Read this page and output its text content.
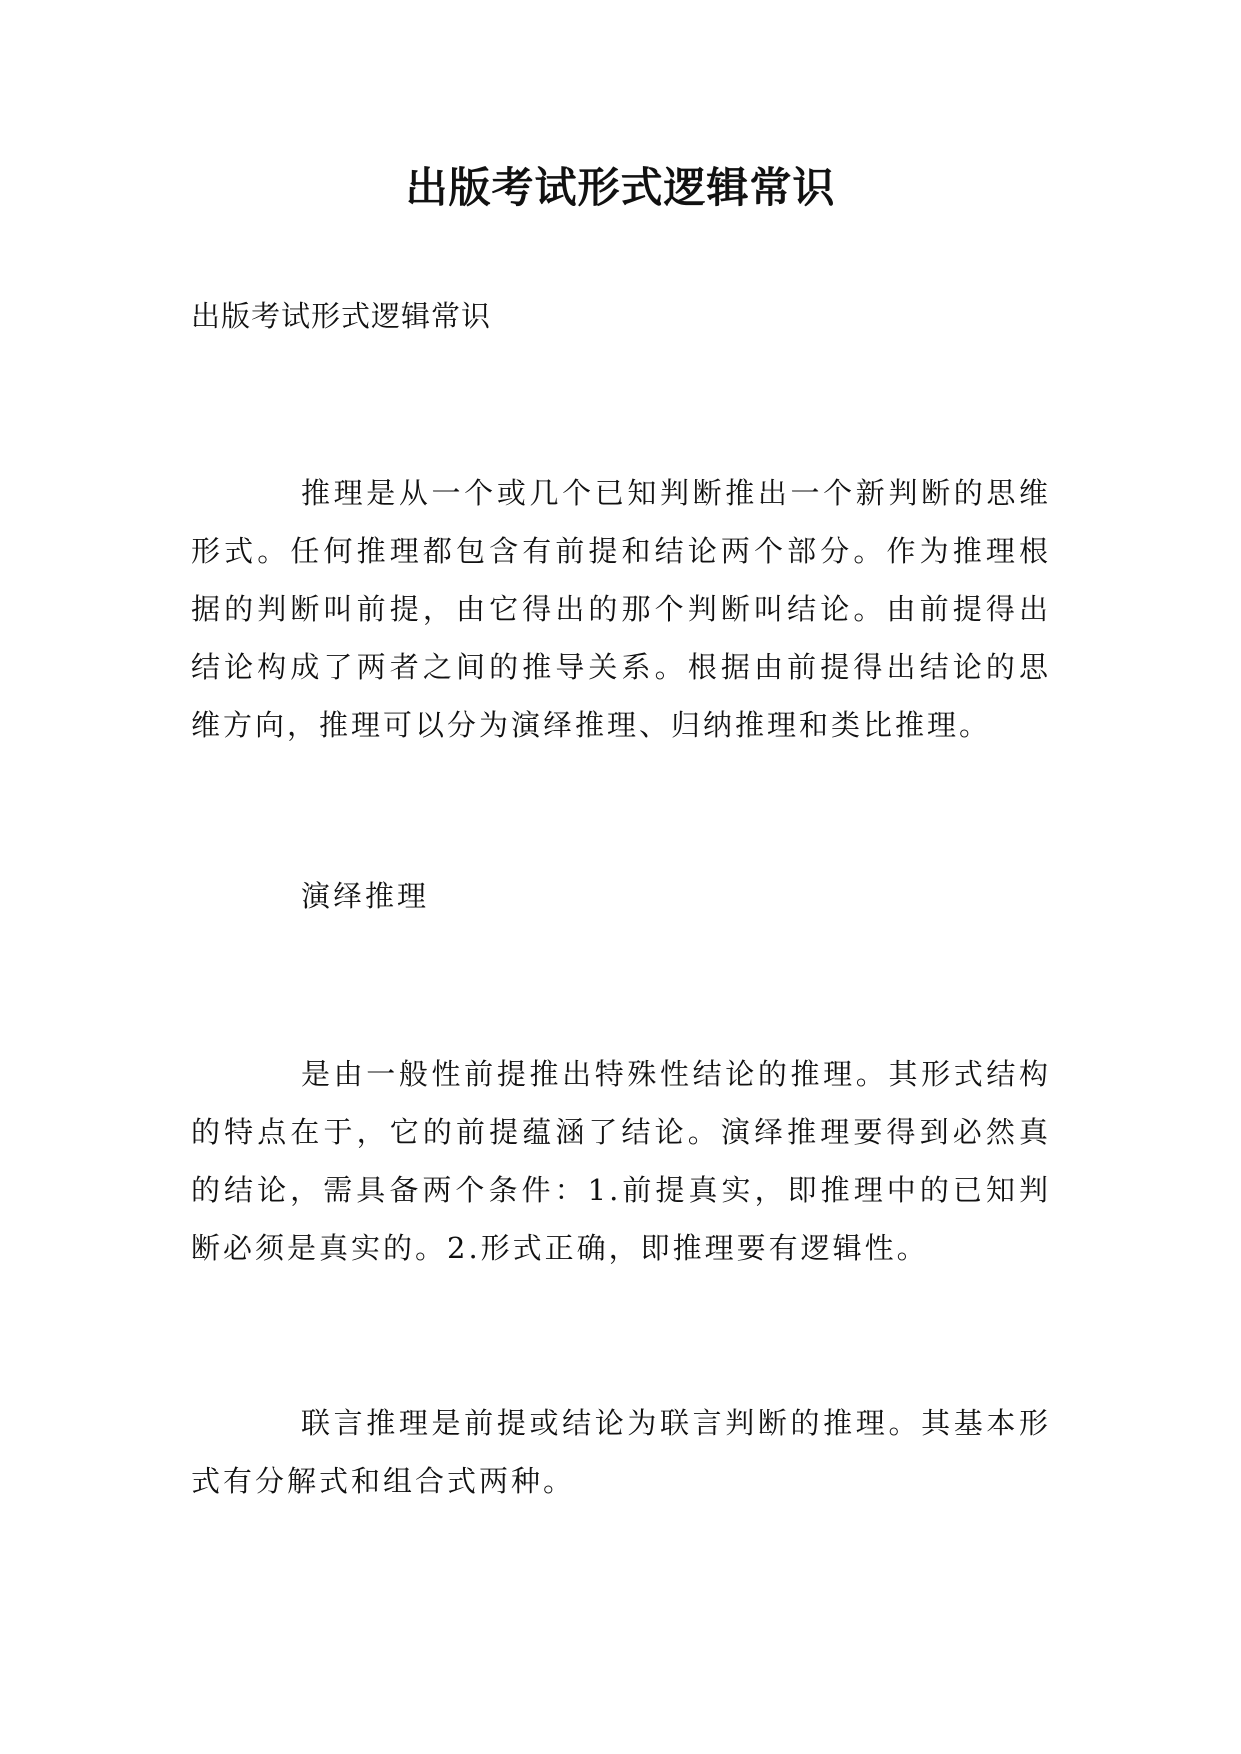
出版考试形式逻辑常识
出版考试形式逻辑常识

推理是从一个或几个已知判断推出一个新判断的思维形式。任何推理都包含有前提和结论两个部分。作为推理根据的判断叫前提，由它得出的那个判断叫结论。由前提得出结论构成了两者之间的推导关系。根据由前提得出结论的思维方向，推理可以分为演绎推理、归纳推理和类比推理。

演绎推理

是由一般性前提推出特殊性结论的推理。其形式结构的特点在于，它的前提蕴涵了结论。演绎推理要得到必然真的结论，需具备两个条件：1.前提真实，即推理中的已知判断必须是真实的。2.形式正确，即推理要有逻辑性。

联言推理是前提或结论为联言判断的推理。其基本形式有分解式和组合式两种。
